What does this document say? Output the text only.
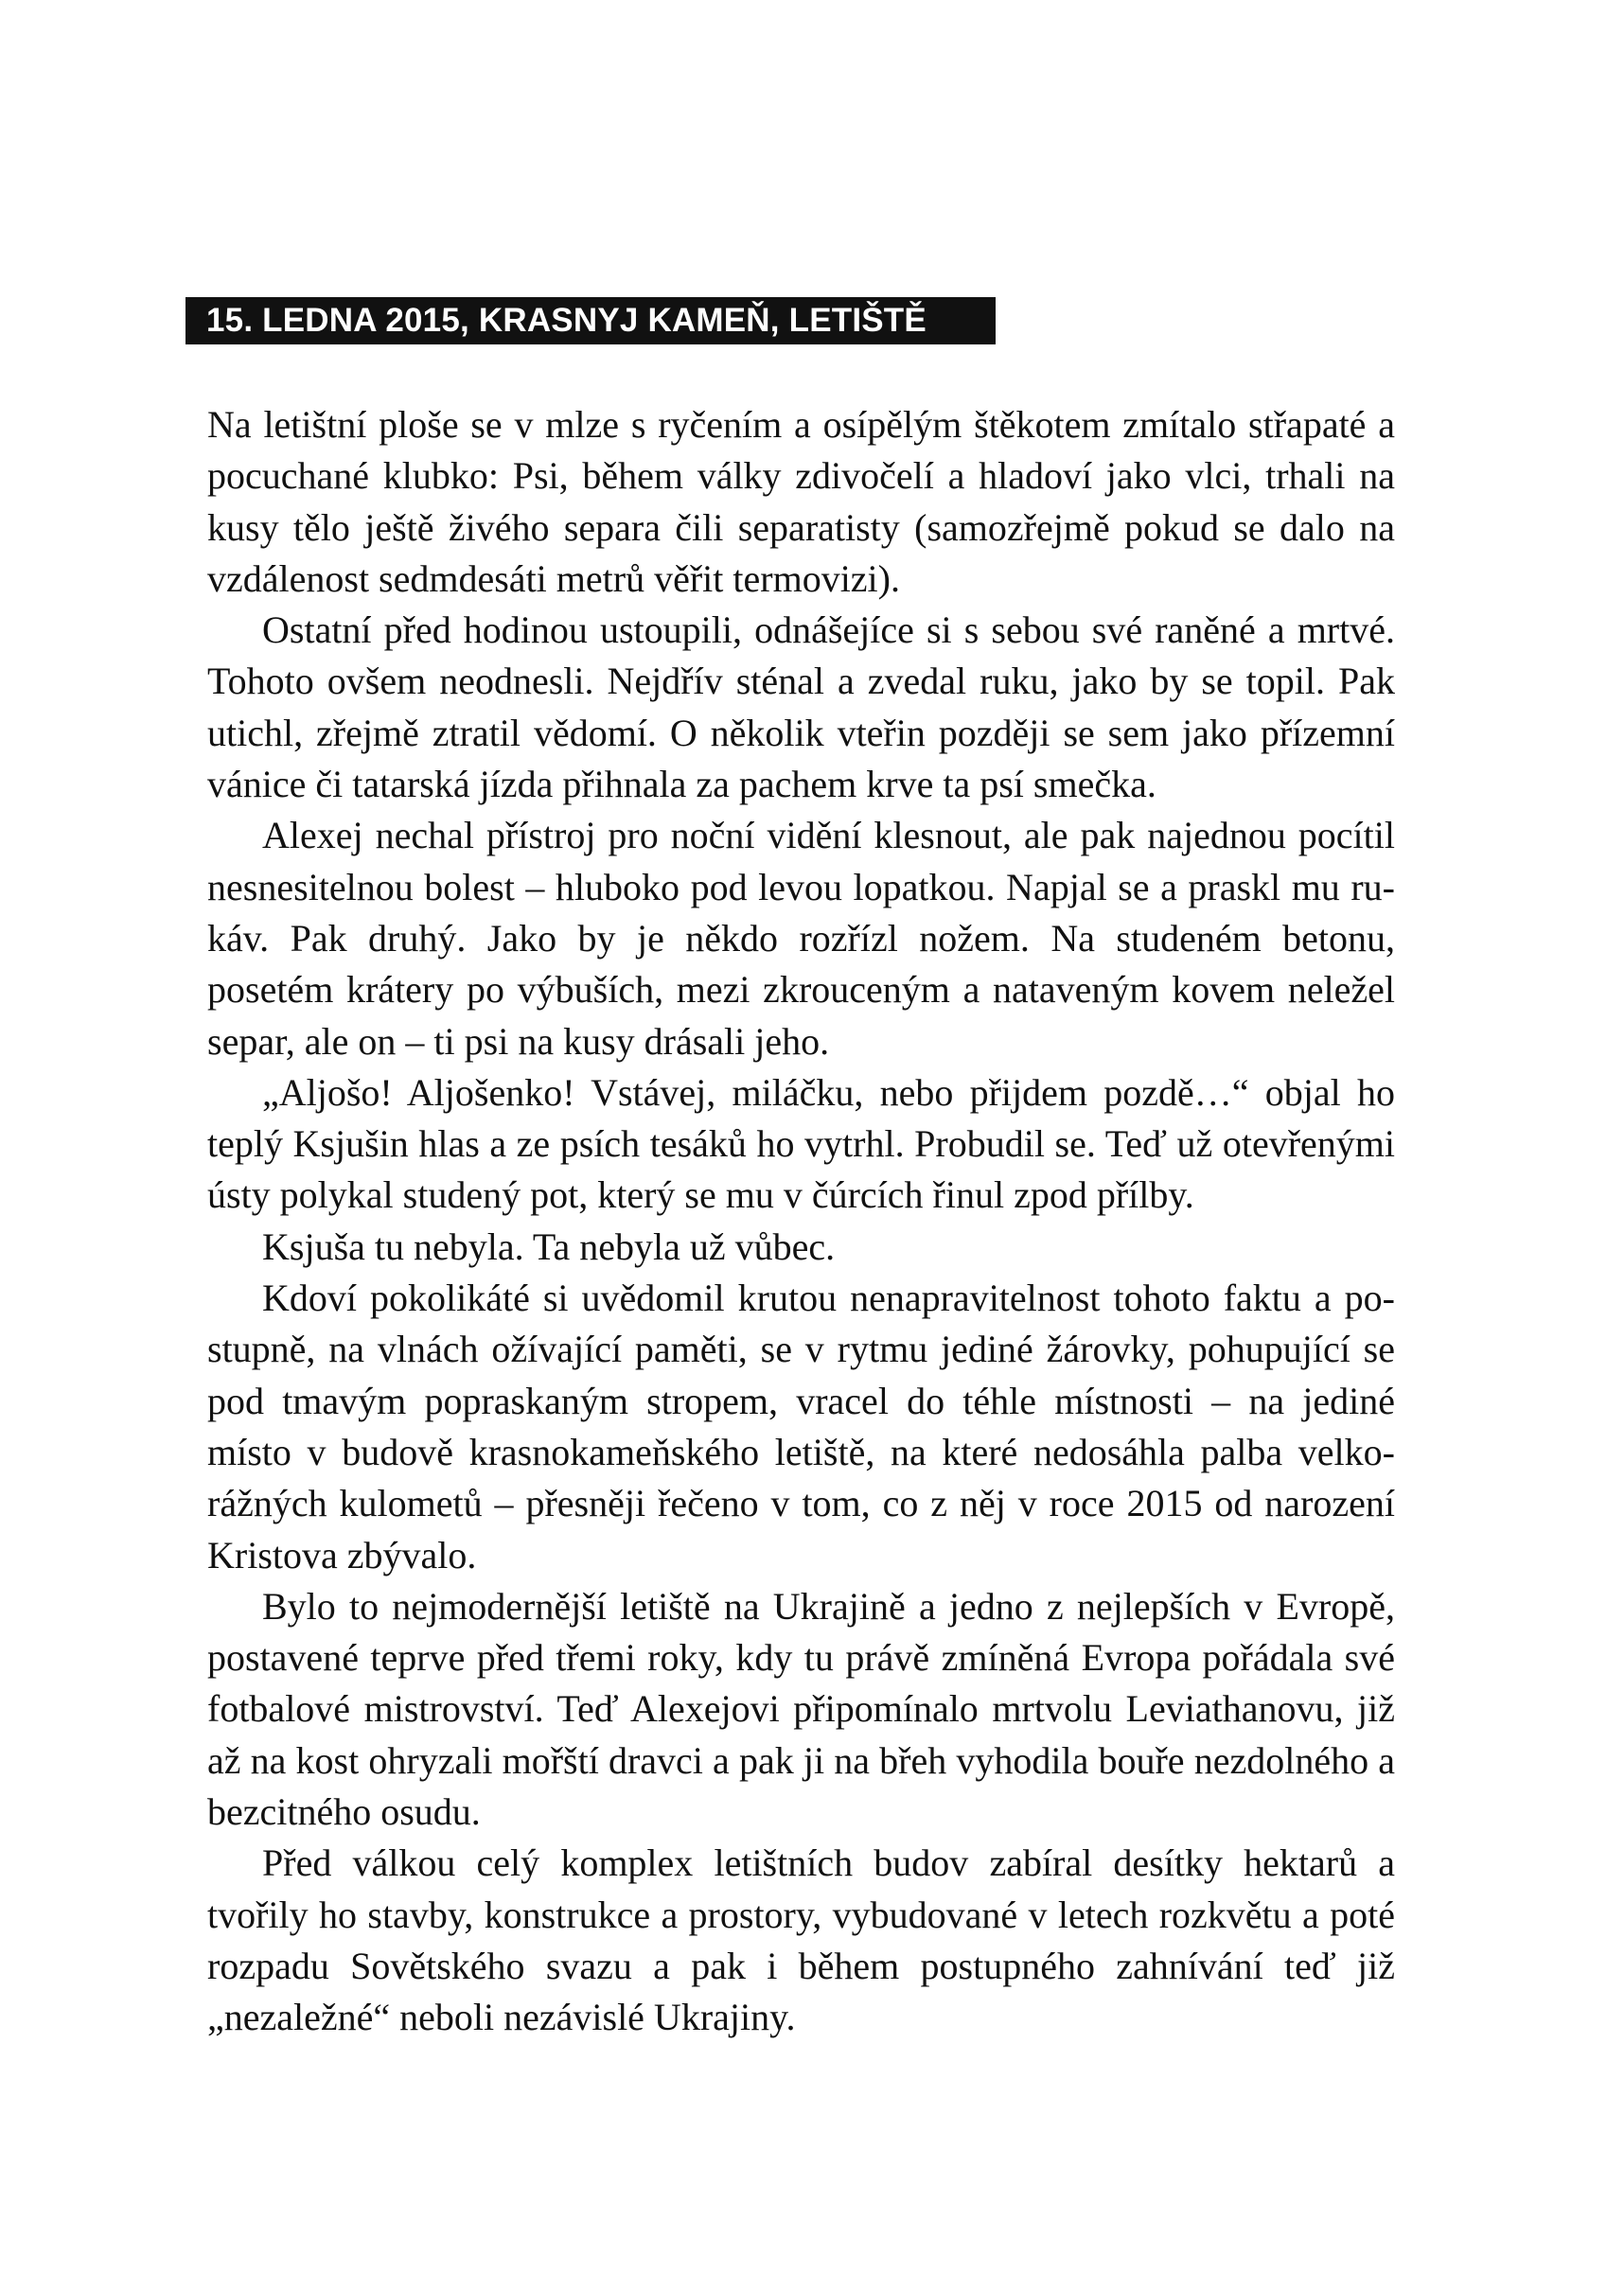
15. LEDNA 2015, KRASNYJ KAMEŇ, LETIŠTĚ

Na letištní ploše se v mlze s ryčením a osípělým štěkotem zmítalo střapaté a pocuchané klubko: Psi, během války zdivočelí a hladoví jako vlci, trhali na kusy tělo ještě živého separa čili separatisty (samozřejmě pokud se dalo na vzdálenost sedmdesáti metrů věřit termovizi).

Ostatní před hodinou ustoupili, odnášejíce si s sebou své raněné a mrtvé. Tohoto ovšem neodnesli. Nejdřív sténal a zvedal ruku, jako by se topil. Pak utichl, zřejmě ztratil vědomí. O několik vteřin později se sem jako přízemní vánice či tatarská jízda přihnala za pachem krve ta psí smečka.

Alexej nechal přístroj pro noční vidění klesnout, ale pak najednou pocítil nesnesitelnou bolest – hluboko pod levou lopatkou. Napjal se a praskl mu rukáv. Pak druhý. Jako by je někdo rozřízl nožem. Na studeném betonu, posetém krátery po výbuších, mezi zkrouceným a nataveným kovem neležel separ, ale on – ti psi na kusy drásali jeho.

„Aljošo! Aljošenko! Vstávej, miláčku, nebo přijdem pozdě…“ objal ho teplý Ksjušin hlas a ze psích tesáků ho vytrhl. Probudil se. Teď už otevřenými ústy polykal studený pot, který se mu v čúrcích řinul zpod přílby.

Ksjuša tu nebyla. Ta nebyla už vůbec.

Kdoví pokolikáté si uvědomil krutou nenapravitelnost tohoto faktu a postupně, na vlnách ožívající paměti, se v rytmu jediné žárovky, pohupující se pod tmavým popraskaným stropem, vracel do téhle místnosti – na jediné místo v budově krasnokameňského letiště, na které nedosáhla palba velkorážných kulometů – přesněji řečeno v tom, co z něj v roce 2015 od narození Kristova zbývalo.

Bylo to nejmodernější letiště na Ukrajině a jedno z nejlepších v Evropě, postavené teprve před třemi roky, kdy tu právě zmíněná Evropa pořádala své fotbalové mistrovství. Teď Alexejovi připomínalo mrtvolu Leviathanovu, již až na kost ohryzali mořští dravci a pak ji na břeh vyhodila bouře nezdolného a bezcitného osudu.

Před válkou celý komplex letištních budov zabíral desítky hektarů a tvořily ho stavby, konstrukce a prostory, vybudované v letech rozkvětu a poté rozpadu Sovětského svazu a pak i během postupného zahnívání teď již „nezaležné“ neboli nezávislé Ukrajiny.
